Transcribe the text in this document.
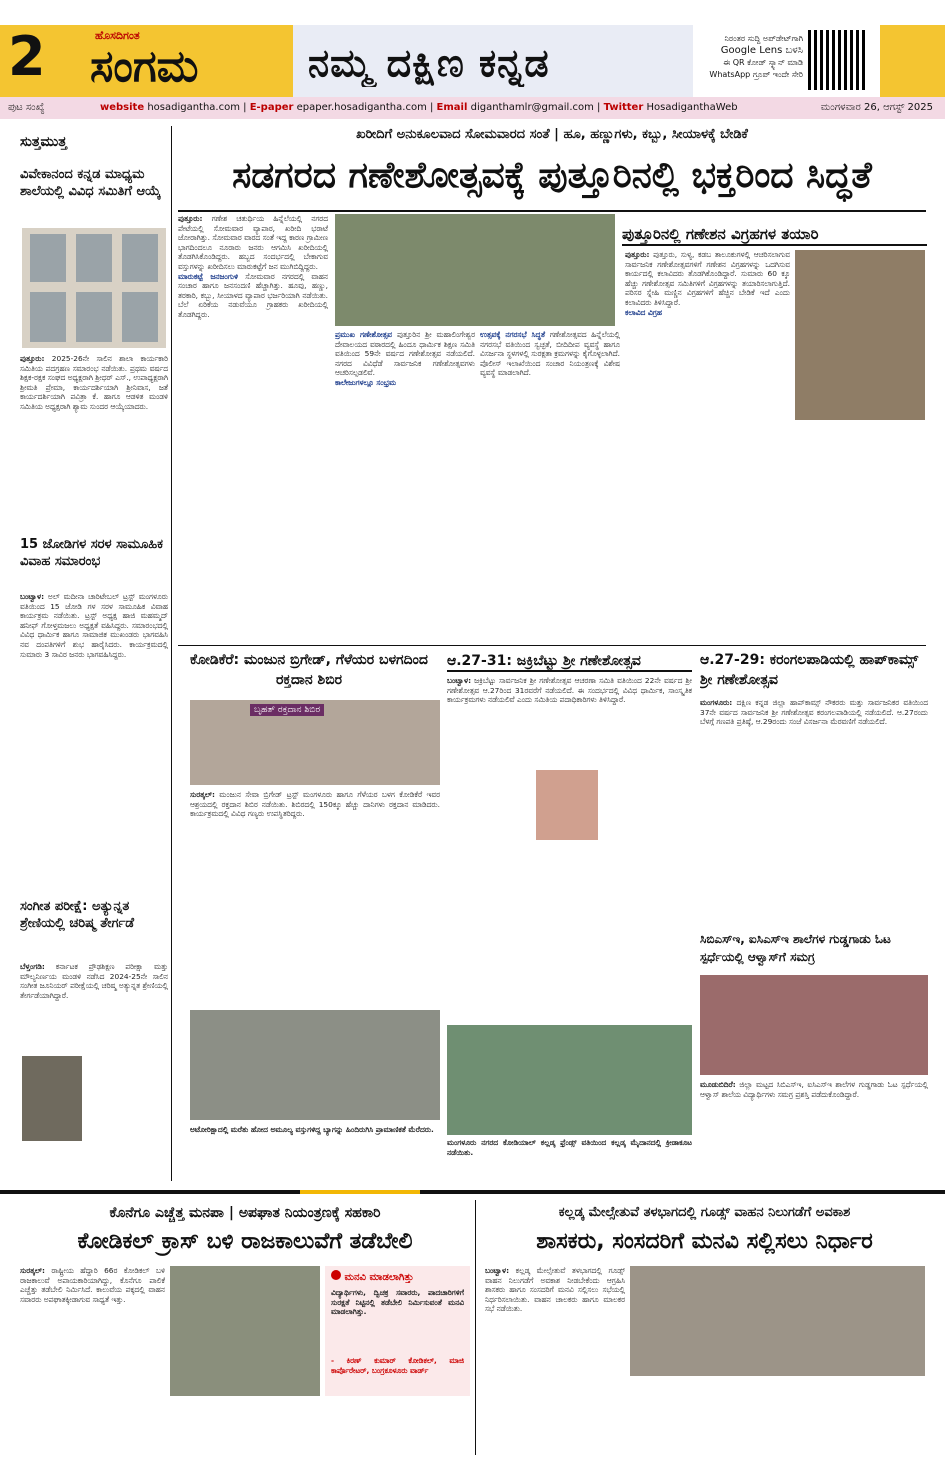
2	ಹೊಸದಿಗಂತ
ಸಂಗಮ	ನಮ್ಮ ದಕ್ಷಿಣ ಕನ್ನಡ
ನಿರಂತರ ಸುದ್ದಿ ಅಪ್‌ಡೇಟ್‌ಗಾಗಿ
Google Lens ಬಳಸಿ
ಈ QR ಕೋಡ್ ಸ್ಕ್ಯಾನ್ ಮಾಡಿ
WhatsApp ಗ್ರೂಪ್ ಇಂದೇ ಸೇರಿ
ಪುಟ ಸಂಖ್ಯೆ	website hosadigantha.com | E-paper epaper.hosadigantha.com | Email diganthamlr@gmail.com | Twitter HosadiganthaWeb	ಮಂಗಳವಾರ 26, ಆಗಸ್ಟ್ 2025
ಸುತ್ತಮುತ್ತ
ವಿವೇಕಾನಂದ ಕನ್ನಡ ಮಾಧ್ಯಮ ಶಾಲೆಯಲ್ಲಿ ವಿವಿಧ ಸಮಿತಿಗೆ ಆಯ್ಕೆ
ಪುತ್ತೂರು: 2025-26ನೇ ಸಾಲಿನ ಶಾಲಾ ಕಾರ್ಯಕಾರಿ ಸಮಿತಿಯ ಪದಗ್ರಹಣ ಸಮಾರಂಭ ನಡೆಯಿತು. ಪ್ರಥಮ ವರ್ಷದ ಶಿಕ್ಷಕ-ರಕ್ಷಕ ಸಂಘದ ಅಧ್ಯಕ್ಷರಾಗಿ ಶ್ರೀಧರ್ ಎಸ್., ಉಪಾಧ್ಯಕ್ಷರಾಗಿ ಶ್ರೀಮತಿ ಪ್ರೇಮಾ, ಕಾರ್ಯದರ್ಶಿಯಾಗಿ ಶ್ರೀನಿವಾಸ, ಜತೆ ಕಾರ್ಯದರ್ಶಿಯಾಗಿ ಪವಿತ್ರಾ ಕೆ. ಹಾಗೂ ಆಡಳಿತ ಮಂಡಳಿ ಸಮಿತಿಯ ಅಧ್ಯಕ್ಷರಾಗಿ ಶ್ಯಾಮ ಸುಂದರ ಆಯ್ಕೆಯಾದರು.
15 ಜೋಡಿಗಳ ಸರಳ ಸಾಮೂಹಿಕ ವಿವಾಹ ಸಮಾರಂಭ
ಬಂಟ್ವಾಳ: ಅಲ್ ಮದೀನಾ ಚಾರಿಟೇಬಲ್ ಟ್ರಸ್ಟ್ ಮಂಗಳೂರು ವತಿಯಿಂದ 15 ಜೋಡಿ ಗಳ ಸರಳ ಸಾಮೂಹಿಕ ವಿವಾಹ ಕಾರ್ಯಕ್ರಮ ನಡೆಯಿತು. ಟ್ರಸ್ಟ್ ಅಧ್ಯಕ್ಷ ಹಾಜಿ ಮಹಮ್ಮದ್ ಹನೀಫ್ ಗೋಳ್ತಮಜಲು ಅಧ್ಯಕ್ಷತೆ ವಹಿಸಿದ್ದರು. ಸಮಾರಂಭದಲ್ಲಿ ವಿವಿಧ ಧಾರ್ಮಿಕ ಹಾಗೂ ಸಾಮಾಜಿಕ ಮುಖಂಡರು ಭಾಗವಹಿಸಿ ನವ ದಂಪತಿಗಳಿಗೆ ಶುಭ ಹಾರೈಸಿದರು. ಕಾರ್ಯಕ್ರಮದಲ್ಲಿ ಸುಮಾರು 3 ಸಾವಿರ ಜನರು ಭಾಗವಹಿಸಿದ್ದರು.
ಸಂಗೀತ ಪರೀಕ್ಷೆ: ಅತ್ಯುನ್ನತ ಶ್ರೇಣಿಯಲ್ಲಿ ಚರಿಷ್ಮ ತೇರ್ಗಡೆ
ಬೆಳ್ತಂಗಡಿ: ಕರ್ನಾಟಕ ಪ್ರೌಢಶಿಕ್ಷಣ ಪರೀಕ್ಷಾ ಮತ್ತು ಮೌಲ್ಯನಿರ್ಣಯ ಮಂಡಳಿ ನಡೆಸಿದ 2024-25ನೇ ಸಾಲಿನ ಸಂಗೀತ ಜೂನಿಯರ್ ಪರೀಕ್ಷೆಯಲ್ಲಿ ಚರಿಷ್ಮ ಅತ್ಯುನ್ನತ ಶ್ರೇಣಿಯಲ್ಲಿ ತೇರ್ಗಡೆಯಾಗಿದ್ದಾರೆ.
ಖರೀದಿಗೆ ಅನುಕೂಲವಾದ ಸೋಮವಾರದ ಸಂತೆ | ಹೂ, ಹಣ್ಣುಗಳು, ಕಬ್ಬು, ಸೀಯಾಳಕ್ಕೆ ಬೇಡಿಕೆ
ಸಡಗರದ ಗಣೇಶೋತ್ಸವಕ್ಕೆ ಪುತ್ತೂರಿನಲ್ಲಿ ಭಕ್ತರಿಂದ ಸಿದ್ಧತೆ
ಪುತ್ತೂರು: ಗಣೇಶ ಚತುರ್ಥಿಯ ಹಿನ್ನೆಲೆಯಲ್ಲಿ ನಗರದ ಪೇಟೆಯಲ್ಲಿ ಸೋಮವಾರ ವ್ಯಾಪಾರ, ಖರೀದಿ ಭರಾಟೆ ಜೋರಾಗಿತ್ತು. ಸೋಮವಾರ ವಾರದ ಸಂತೆ ಇದ್ದ ಕಾರಣ ಗ್ರಾಮೀಣ ಭಾಗದಿಂದಲೂ ನೂರಾರು ಜನರು ಆಗಮಿಸಿ ಖರೀದಿಯಲ್ಲಿ ತೊಡಗಿಸಿಕೊಂಡಿದ್ದರು. ಹಬ್ಬದ ಸಂದರ್ಭದಲ್ಲಿ ಬೇಕಾಗುವ ವಸ್ತುಗಳನ್ನು ಖರೀದಿಸಲು ಮಾರುಕಟ್ಟೆಗೆ ಜನ ಮುಗಿಬಿದ್ದಿದ್ದರು.
ಮಾರುಕಟ್ಟೆ ಜನಜಂಗುಳಿ ಸೋಮವಾರ ನಗರದಲ್ಲಿ ವಾಹನ ಸಂಚಾರ ಹಾಗೂ ಜನಸಂದಣಿ ಹೆಚ್ಚಾಗಿತ್ತು. ಹೂವು, ಹಣ್ಣು, ತರಕಾರಿ, ಕಬ್ಬು, ಸೀಯಾಳದ ವ್ಯಾಪಾರ ಭರ್ಜರಿಯಾಗಿ ನಡೆಯಿತು. ಬೆಲೆ ಏರಿಕೆಯ ನಡುವೆಯೂ ಗ್ರಾಹಕರು ಖರೀದಿಯಲ್ಲಿ ತೊಡಗಿದ್ದರು.
ಪ್ರಮುಖ ಗಣೇಶೋತ್ಸವ ಪುತ್ತೂರಿನ ಶ್ರೀ ಮಹಾಲಿಂಗೇಶ್ವರ ದೇವಾಲಯದ ವಠಾರದಲ್ಲಿ ಹಿಂದೂ ಧಾರ್ಮಿಕ ಶಿಕ್ಷಣ ಸಮಿತಿ ವತಿಯಿಂದ 59ನೇ ವರ್ಷದ ಗಣೇಶೋತ್ಸವ ನಡೆಯಲಿದೆ. ನಗರದ ವಿವಿಧೆಡೆ ಸಾರ್ವಜನಿಕ ಗಣೇಶೋತ್ಸವಗಳು ಆಚರಿಸಲ್ಪಡಲಿವೆ.
ಕಾಲೇಜುಗಳಲ್ಲೂ ಸಂಭ್ರಮ
ಉತ್ಸವಕ್ಕೆ ನಗರಸಭೆ ಸಿದ್ಧತೆ ಗಣೇಶೋತ್ಸವದ ಹಿನ್ನೆಲೆಯಲ್ಲಿ ನಗರಸಭೆ ವತಿಯಿಂದ ಸ್ವಚ್ಛತೆ, ಬೀದಿದೀಪ ವ್ಯವಸ್ಥೆ ಹಾಗೂ ವಿಸರ್ಜನಾ ಸ್ಥಳಗಳಲ್ಲಿ ಸುರಕ್ಷತಾ ಕ್ರಮಗಳನ್ನು ಕೈಗೊಳ್ಳಲಾಗಿದೆ. ಪೊಲೀಸ್ ಇಲಾಖೆಯಿಂದ ಸಂಚಾರ ನಿಯಂತ್ರಣಕ್ಕೆ ವಿಶೇಷ ವ್ಯವಸ್ಥೆ ಮಾಡಲಾಗಿದೆ.
ಪುತ್ತೂರಿನಲ್ಲಿ ಗಣೇಶನ ವಿಗ್ರಹಗಳ ತಯಾರಿ
ಪುತ್ತೂರು: ಪುತ್ತೂರು, ಸುಳ್ಯ, ಕಡಬ ತಾಲೂಕುಗಳಲ್ಲಿ ಆಚರಿಸಲಾಗುವ ಸಾರ್ವಜನಿಕ ಗಣೇಶೋತ್ಸವಗಳಿಗೆ ಗಣೇಶನ ವಿಗ್ರಹಗಳನ್ನು ಒದಗಿಸುವ ಕಾರ್ಯದಲ್ಲಿ ಕಲಾವಿದರು ತೊಡಗಿಕೊಂಡಿದ್ದಾರೆ. ಸುಮಾರು 60 ಕ್ಕೂ ಹೆಚ್ಚು ಗಣೇಶೋತ್ಸವ ಸಮಿತಿಗಳಿಗೆ ವಿಗ್ರಹಗಳನ್ನು ತಯಾರಿಸಲಾಗುತ್ತಿದೆ. ಪರಿಸರ ಸ್ನೇಹಿ ಮಣ್ಣಿನ ವಿಗ್ರಹಗಳಿಗೆ ಹೆಚ್ಚಿನ ಬೇಡಿಕೆ ಇದೆ ಎಂದು ಕಲಾವಿದರು ತಿಳಿಸಿದ್ದಾರೆ.
ಕಲಾವಿದ ವಿಗ್ರಹ
ಕೋಡಿಕೆರೆ: ಮಂಜುನ ಬ್ರಿಗೇಡ್, ಗೆಳೆಯರ ಬಳಗದಿಂದ ರಕ್ತದಾನ ಶಿಬಿರ
ಬೃಹತ್ ರಕ್ತದಾನ ಶಿಬಿರ
ಸುರತ್ಕಲ್: ಮಂಜುನ ಸೇವಾ ಬ್ರಿಗೇಡ್ ಟ್ರಸ್ಟ್ ಮಂಗಳೂರು ಹಾಗೂ ಗೆಳೆಯರ ಬಳಗ ಕೋಡಿಕೆರೆ ಇವರ ಆಶ್ರಯದಲ್ಲಿ ರಕ್ತದಾನ ಶಿಬಿರ ನಡೆಯಿತು. ಶಿಬಿರದಲ್ಲಿ 150ಕ್ಕೂ ಹೆಚ್ಚು ದಾನಿಗಳು ರಕ್ತದಾನ ಮಾಡಿದರು. ಕಾರ್ಯಕ್ರಮದಲ್ಲಿ ವಿವಿಧ ಗಣ್ಯರು ಉಪಸ್ಥಿತರಿದ್ದರು.
ಅಟೋರಿಕ್ಷಾದಲ್ಲಿ ಮರೆತು ಹೋದ ಅಮೂಲ್ಯ ವಸ್ತುಗಳಿದ್ದ ಬ್ಯಾಗನ್ನು ಹಿಂದಿರುಗಿಸಿ ಪ್ರಾಮಾಣಿಕತೆ ಮೆರೆದರು.
ಆ.27-31: ಜಕ್ರಿಬೆಟ್ಟು ಶ್ರೀ ಗಣೇಶೋತ್ಸವ
ಬಂಟ್ವಾಳ: ಜಕ್ರಿಬೆಟ್ಟು ಸಾರ್ವಜನಿಕ ಶ್ರೀ ಗಣೇಶೋತ್ಸವ ಆಚರಣಾ ಸಮಿತಿ ವತಿಯಿಂದ 22ನೇ ವರ್ಷದ ಶ್ರೀ ಗಣೇಶೋತ್ಸವ ಆ.27ರಿಂದ 31ರವರೆಗೆ ನಡೆಯಲಿದೆ. ಈ ಸಂದರ್ಭದಲ್ಲಿ ವಿವಿಧ ಧಾರ್ಮಿಕ, ಸಾಂಸ್ಕೃತಿಕ ಕಾರ್ಯಕ್ರಮಗಳು ನಡೆಯಲಿವೆ ಎಂದು ಸಮಿತಿಯ ಪದಾಧಿಕಾರಿಗಳು ತಿಳಿಸಿದ್ದಾರೆ.
ಮಂಗಳೂರು ನಗರದ ಕೋಡಿಯಾಲ್ ಕಲ್ಲಡ್ಕ ಫ್ರೆಂಡ್ಸ್ ವತಿಯಿಂದ ಕಲ್ಲಡ್ಕ ಮೈದಾನದಲ್ಲಿ ಕ್ರೀಡಾಕೂಟ ನಡೆಯಿತು.
ಆ.27-29: ಕರಂಗಲಪಾಡಿಯಲ್ಲಿ ಹಾಪ್‌ಕಾಮ್ಸ್ ಶ್ರೀ ಗಣೇಶೋತ್ಸವ
ಮಂಗಳೂರು: ದಕ್ಷಿಣ ಕನ್ನಡ ಜಿಲ್ಲಾ ಹಾಪ್‌ಕಾಮ್ಸ್ ನೌಕರರು ಮತ್ತು ಸಾರ್ವಜನಿಕರ ವತಿಯಿಂದ 37ನೇ ವರ್ಷದ ಸಾರ್ವಜನಿಕ ಶ್ರೀ ಗಣೇಶೋತ್ಸವ ಕರಂಗಲಪಾಡಿಯಲ್ಲಿ ನಡೆಯಲಿದೆ. ಆ.27ರಂದು ಬೆಳಗ್ಗೆ ಗಣಪತಿ ಪ್ರತಿಷ್ಠೆ, ಆ.29ರಂದು ಸಂಜೆ ವಿಸರ್ಜನಾ ಮೆರವಣಿಗೆ ನಡೆಯಲಿದೆ.
ಸಿಬಿಎಸ್‌ಇ, ಐಸಿಎಸ್‌ಇ ಶಾಲೆಗಳ ಗುಡ್ಡಗಾಡು ಓಟ ಸ್ಪರ್ಧೆಯಲ್ಲಿ ಆಳ್ವಾಸ್‌ಗೆ ಸಮಗ್ರ
ಮೂಡುಬಿದಿರೆ: ಜಿಲ್ಲಾ ಮಟ್ಟದ ಸಿಬಿಎಸ್‌ಇ, ಐಸಿಎಸ್‌ಇ ಶಾಲೆಗಳ ಗುಡ್ಡಗಾಡು ಓಟ ಸ್ಪರ್ಧೆಯಲ್ಲಿ ಆಳ್ವಾಸ್ ಶಾಲೆಯ ವಿದ್ಯಾರ್ಥಿಗಳು ಸಮಗ್ರ ಪ್ರಶಸ್ತಿ ಪಡೆದುಕೊಂಡಿದ್ದಾರೆ.
ಕೊನೆಗೂ ಎಚ್ಚೆತ್ತ ಮನಪಾ | ಅಪಘಾತ ನಿಯಂತ್ರಣಕ್ಕೆ ಸಹಕಾರಿ
ಕೋಡಿಕಲ್ ಕ್ರಾಸ್ ಬಳಿ ರಾಜಕಾಲುವೆಗೆ ತಡೆಬೇಲಿ
ಸುರತ್ಕಲ್: ರಾಷ್ಟ್ರೀಯ ಹೆದ್ದಾರಿ 66ರ ಕೋಡಿಕಲ್ ಬಳಿ ರಾಜಕಾಲುವೆ ಅಪಾಯಕಾರಿಯಾಗಿದ್ದು, ಕೊನೆಗೂ ಪಾಲಿಕೆ ಎಚ್ಚೆತ್ತು ತಡೆಬೇಲಿ ನಿರ್ಮಿಸಿದೆ. ಕಾಲುವೆಯ ಪಕ್ಕದಲ್ಲಿ ವಾಹನ ಸವಾರರು ಅಪಘಾತಕ್ಕೀಡಾಗುವ ಸಾಧ್ಯತೆ ಇತ್ತು.
ಮನವಿ ಮಾಡಲಾಗಿತ್ತು
ವಿದ್ಯಾರ್ಥಿಗಳು, ದ್ವಿಚಕ್ರ ಸವಾರರು, ಪಾದಚಾರಿಗಳಿಗೆ ಸುರಕ್ಷತೆ ನಿಟ್ಟಿನಲ್ಲಿ ತಡೆಬೇಲಿ ನಿರ್ಮಿಸುವಂತೆ ಮನವಿ ಮಾಡಲಾಗಿತ್ತು.
- ಕಿರಣ್ ಕುಮಾರ್ ಕೋಡಿಕಲ್, ಮಾಜಿ ಕಾರ್ಪೊರೇಟರ್, ಬಂಗ್ರಕೂಳೂರು ವಾರ್ಡ್
ಕಲ್ಲಡ್ಕ ಮೇಲ್ಸೇತುವೆ ತಳಭಾಗದಲ್ಲಿ ಗೂಡ್ಸ್ ವಾಹನ ನಿಲುಗಡೆಗೆ ಅವಕಾಶ
ಶಾಸಕರು, ಸಂಸದರಿಗೆ ಮನವಿ ಸಲ್ಲಿಸಲು ನಿರ್ಧಾರ
ಬಂಟ್ವಾಳ: ಕಲ್ಲಡ್ಕ ಮೇಲ್ಸೇತುವೆ ತಳಭಾಗದಲ್ಲಿ ಗೂಡ್ಸ್ ವಾಹನ ನಿಲುಗಡೆಗೆ ಅವಕಾಶ ನೀಡಬೇಕೆಂದು ಆಗ್ರಹಿಸಿ ಶಾಸಕರು ಹಾಗೂ ಸಂಸದರಿಗೆ ಮನವಿ ಸಲ್ಲಿಸಲು ಸಭೆಯಲ್ಲಿ ನಿರ್ಧರಿಸಲಾಯಿತು. ವಾಹನ ಚಾಲಕರು ಹಾಗೂ ಮಾಲಕರ ಸಭೆ ನಡೆಯಿತು.
